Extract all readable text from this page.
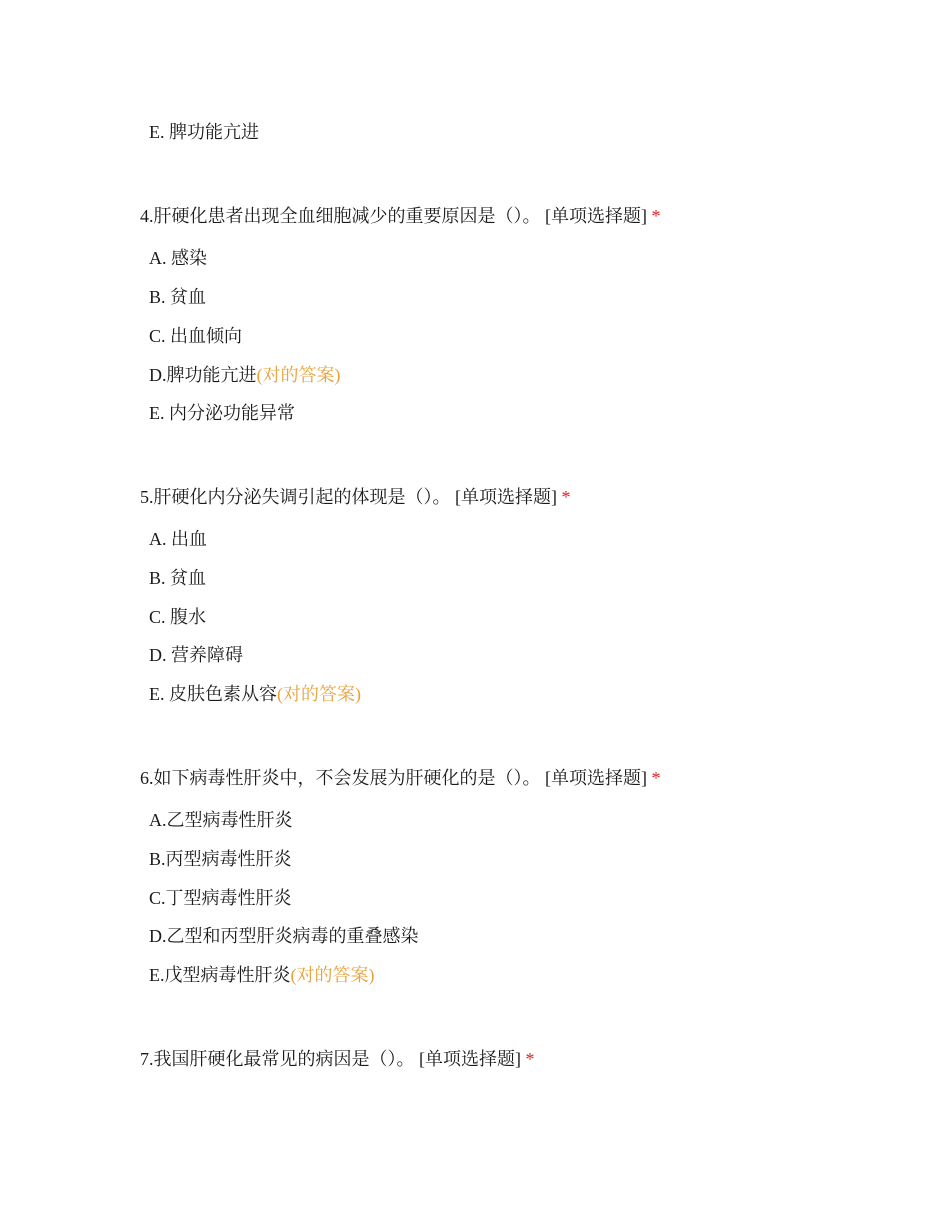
E. 脾功能亢进
4.肝硬化患者出现全血细胞减少的重要原因是（）。 [单项选择题] *
A. 感染
B. 贫血
C. 出血倾向
D.脾功能亢进(对的答案)
E. 内分泌功能异常
5.肝硬化内分泌失调引起的体现是（）。 [单项选择题] *
A. 出血
B. 贫血
C. 腹水
D. 营养障碍
E. 皮肤色素从容(对的答案)
6.如下病毒性肝炎中，不会发展为肝硬化的是（）。 [单项选择题] *
A.乙型病毒性肝炎
B.丙型病毒性肝炎
C.丁型病毒性肝炎
D.乙型和丙型肝炎病毒的重叠感染
E.戊型病毒性肝炎(对的答案)
7.我国肝硬化最常见的病因是（）。 [单项选择题] *
